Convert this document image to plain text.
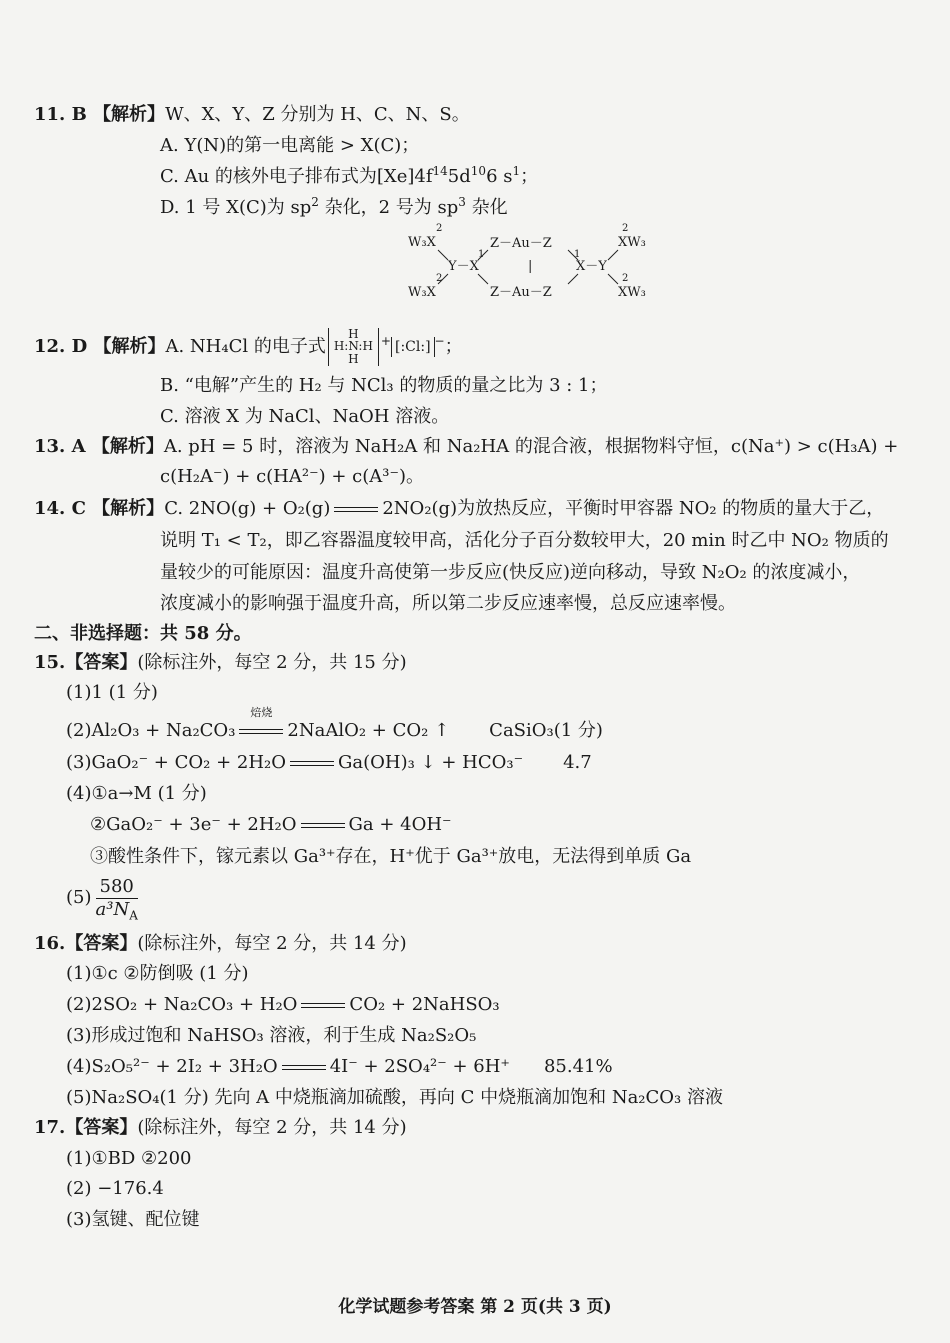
11. B 【解析】W、X、Y、Z 分别为 H、C、N、S。
A. Y(N)的第一电离能 > X(C)；
C. Au 的核外电子排布式为$[Xe]4f^{14}5d^{10}6$ $s^1$；
D. 1 号 X(C)为 $sp^2$ 杂化，2 号为 $sp^3$ 杂化
2
W₃X
1
Z－Au－Z
1
2
XW₃
Y－X	|	X－Y
2
W₃X	Z－Au－Z
2
XW₃
12. D 【解析】A. NH₄Cl 的电子式
H
H:N:H
H
+ [:Cl:] −；
B. “电解”产生的 H₂ 与 NCl₃ 的物质的量之比为 3 : 1；
C. 溶液 X 为 NaCl、NaOH 溶液。
13. A 【解析】A. pH = 5 时，溶液为 NaH₂A 和 Na₂HA 的混合液，根据物料守恒，c(Na⁺) > c(H₃A) +
c(H₂A⁻) + c(HA²⁻) + c(A³⁻)。
14. C 【解析】C. 2NO(g) + O₂(g)	2NO₂(g)为放热反应，平衡时甲容器 NO₂ 的物质的量大于乙，
说明 T₁ < T₂，即乙容器温度较甲高，活化分子百分数较甲大，20 min 时乙中 NO₂ 物质的
量较少的可能原因：温度升高使第一步反应(快反应)逆向移动，导致 N₂O₂ 的浓度减小，
浓度减小的影响强于温度升高，所以第二步反应速率慢，总反应速率慢。
二、非选择题：共 58 分。
15.【答案】(除标注外，每空 2 分，共 15 分)
(1)1 (1 分)
(2)Al₂O₃ + Na₂CO₃
焙烧
2NaAlO₂ + CO₂ ↑ CaSiO₃(1 分)
(3)GaO₂⁻ + CO₂ + 2H₂O	Ga(OH)₃ ↓ + HCO₃⁻ 4.7
(4)①a→M (1 分)
②GaO₂⁻ + 3e⁻ + 2H₂O	Ga + 4OH⁻
③酸性条件下，镓元素以 Ga³⁺存在，H⁺优于 Ga³⁺放电，无法得到单质 Ga
$(5) \frac{580}{a^3N_A}$
16.【答案】(除标注外，每空 2 分，共 14 分)
(1)①c ②防倒吸 (1 分)
(2)2SO₂ + Na₂CO₃ + H₂O	CO₂ + 2NaHSO₃
(3)形成过饱和 NaHSO₃ 溶液，利于生成 Na₂S₂O₅
(4)S₂O₅²⁻ + 2I₂ + 3H₂O	4I⁻ + 2SO₄²⁻ + 6H⁺ 85.41%
(5)Na₂SO₄(1 分) 先向 A 中烧瓶滴加硫酸，再向 C 中烧瓶滴加饱和 Na₂CO₃ 溶液
17.【答案】(除标注外，每空 2 分，共 14 分)
(1)①BD ②200
(2) −176.4
(3)氢键、配位键
化学试题参考答案 第 2 页(共 3 页)
